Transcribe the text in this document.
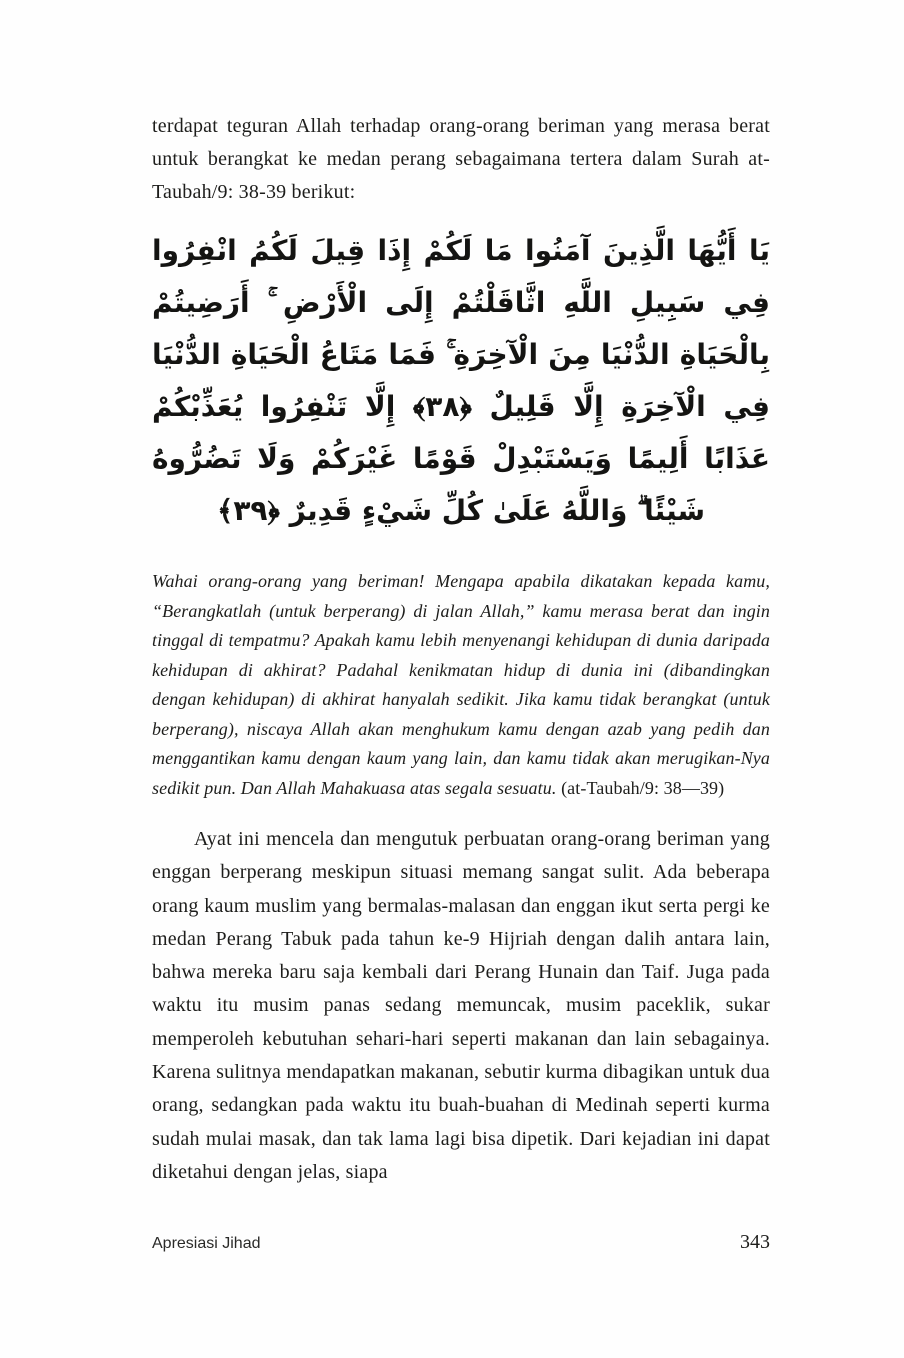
terdapat teguran Allah terhadap orang-orang beriman yang merasa berat untuk berangkat ke medan perang sebagaimana tertera dalam Surah at-Taubah/9: 38-39 berikut:

يَا أَيُّهَا الَّذِينَ آمَنُوا مَا لَكُمْ إِذَا قِيلَ لَكُمُ انْفِرُوا فِي سَبِيلِ اللَّهِ اثَّاقَلْتُمْ إِلَى الْأَرْضِ ۚ أَرَضِيتُمْ بِالْحَيَاةِ الدُّنْيَا مِنَ الْآخِرَةِ ۚ فَمَا مَتَاعُ الْحَيَاةِ الدُّنْيَا فِي الْآخِرَةِ إِلَّا قَلِيلٌ ﴿٣٨﴾ إِلَّا تَنْفِرُوا يُعَذِّبْكُمْ عَذَابًا أَلِيمًا وَيَسْتَبْدِلْ قَوْمًا غَيْرَكُمْ وَلَا تَضُرُّوهُ شَيْئًا ۗ وَاللَّهُ عَلَىٰ كُلِّ شَيْءٍ قَدِيرٌ ﴿٣٩﴾

Wahai orang-orang yang beriman! Mengapa apabila dikatakan kepada kamu, “Berangkatlah (untuk berperang) di jalan Allah,” kamu merasa berat dan ingin tinggal di tempatmu? Apakah kamu lebih menyenangi kehidupan di dunia daripada kehidupan di akhirat? Padahal kenikmatan hidup di dunia ini (dibandingkan dengan kehidupan) di akhirat hanyalah sedikit. Jika kamu tidak berangkat (untuk berperang), niscaya Allah akan menghukum kamu dengan azab yang pedih dan menggantikan kamu dengan kaum yang lain, dan kamu tidak akan merugikan-Nya sedikit pun. Dan Allah Mahakuasa atas segala sesuatu. (at-Taubah/9: 38—39)

Ayat ini mencela dan mengutuk perbuatan orang-orang beriman yang enggan berperang meskipun situasi memang sangat sulit. Ada beberapa orang kaum muslim yang bermalas-malasan dan enggan ikut serta pergi ke medan Perang Tabuk pada tahun ke-9 Hijriah dengan dalih antara lain, bahwa mereka baru saja kembali dari Perang Hunain dan Taif. Juga pada waktu itu musim panas sedang memuncak, musim paceklik, sukar memperoleh kebutuhan sehari-hari seperti makanan dan lain sebagainya. Karena sulitnya mendapatkan makanan, sebutir kurma dibagikan untuk dua orang, sedangkan pada waktu itu buah-buahan di Medinah seperti kurma sudah mulai masak, dan tak lama lagi bisa dipetik. Dari kejadian ini dapat diketahui dengan jelas, siapa

Apresiasi Jihad	343
